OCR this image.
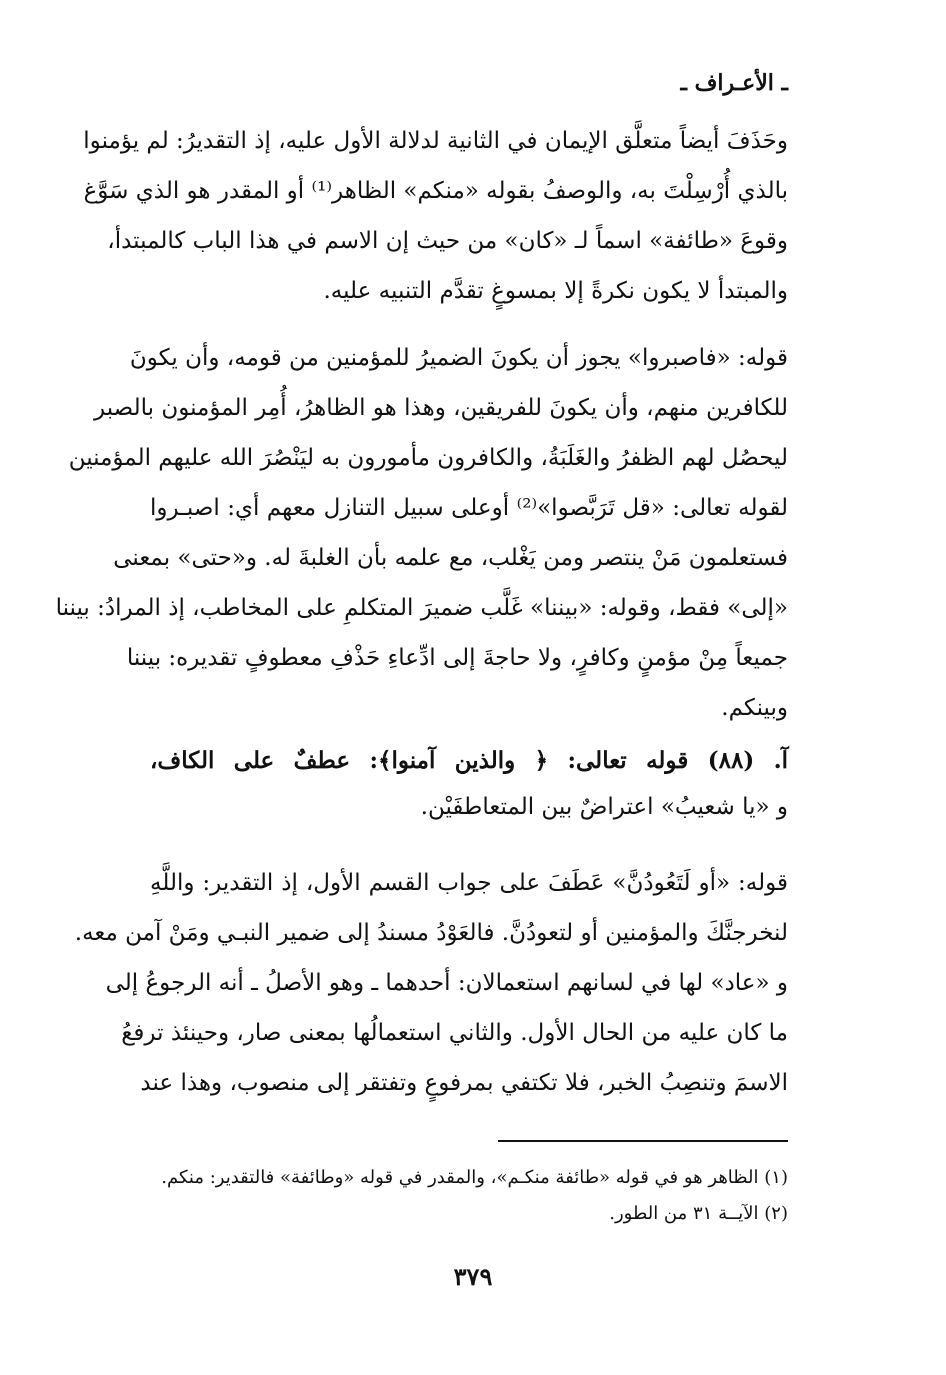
ـ الأعـراف ـ
وحَذَفَ أيضاً متعلَّق الإيمان في الثانية لدلالة الأول عليه، إذ التقديرُ: لم يؤمنوا
بالذي أُرْسِلْتَ به، والوصفُ بقوله «منكم» الظاهر⁽¹⁾ أو المقدر هو الذي سَوَّغ
وقوعَ «طائفة» اسماً لـ «كان» من حيث إن الاسم في هذا الباب كالمبتدأ،
والمبتدأ لا يكون نكرةً إلا بمسوغٍ تقدَّم التنبيه عليه.
قوله: «فاصبروا» يجوز أن يكونَ الضميرُ للمؤمنين من قومه، وأن يكونَ
للكافرين منهم، وأن يكونَ للفريقين، وهذا هو الظاهرُ، أُمِر المؤمنون بالصبر
ليحصُل لهم الظفرُ والغَلَبَةُ، والكافرون مأمورون به ليَنْصُرَ الله عليهم المؤمنين
لقوله تعالى: «قل تَرَبَّصوا»⁽²⁾ أوعلى سبيل التنازل معهم أي: اصبـروا
فستعلمون مَنْ ينتصر ومن يَغْلب، مع علمه بأن الغلبةَ له. و«حتى» بمعنى
«إلى» فقط، وقوله: «بيننا» غَلَّب ضميرَ المتكلمِ على المخاطب، إذ المرادُ: بيننا
جميعاً مِنْ مؤمنٍ وكافرٍ، ولا حاجةَ إلى ادِّعاءِ حَذْفِ معطوفٍ تقديره: بيننا
وبينكم.
آ. (٨٨) قوله تعالى: ﴿ والذين آمنوا﴾: عطفٌ على الكاف،
و «يا شعيبُ» اعتراضٌ بين المتعاطفَيْن.
قوله: «أو لَتَعُودُنَّ» عَطَفَ على جواب القسم الأول، إذ التقدير: واللَّهِ
لنخرجنَّكَ والمؤمنين أو لتعودُنَّ. فالعَوْدُ مسندُ إلى ضمير النبـي ومَنْ آمن معه.
و «عاد» لها في لسانهم استعمالان: أحدهما ـ وهو الأصلُ ـ أنه الرجوعُ إلى
ما كان عليه من الحال الأول. والثاني استعمالُها بمعنى صار، وحينئذ ترفعُ
الاسمَ وتنصِبُ الخبر، فلا تكتفي بمرفوعٍ وتفتقر إلى منصوب، وهذا عند
(١) الظاهر هو في قوله «طائفة منكـم»، والمقدر في قوله «وطائفة» فالتقدير: منكم.
(٢) الآيــة ٣١ من الطور.
٣٧٩
